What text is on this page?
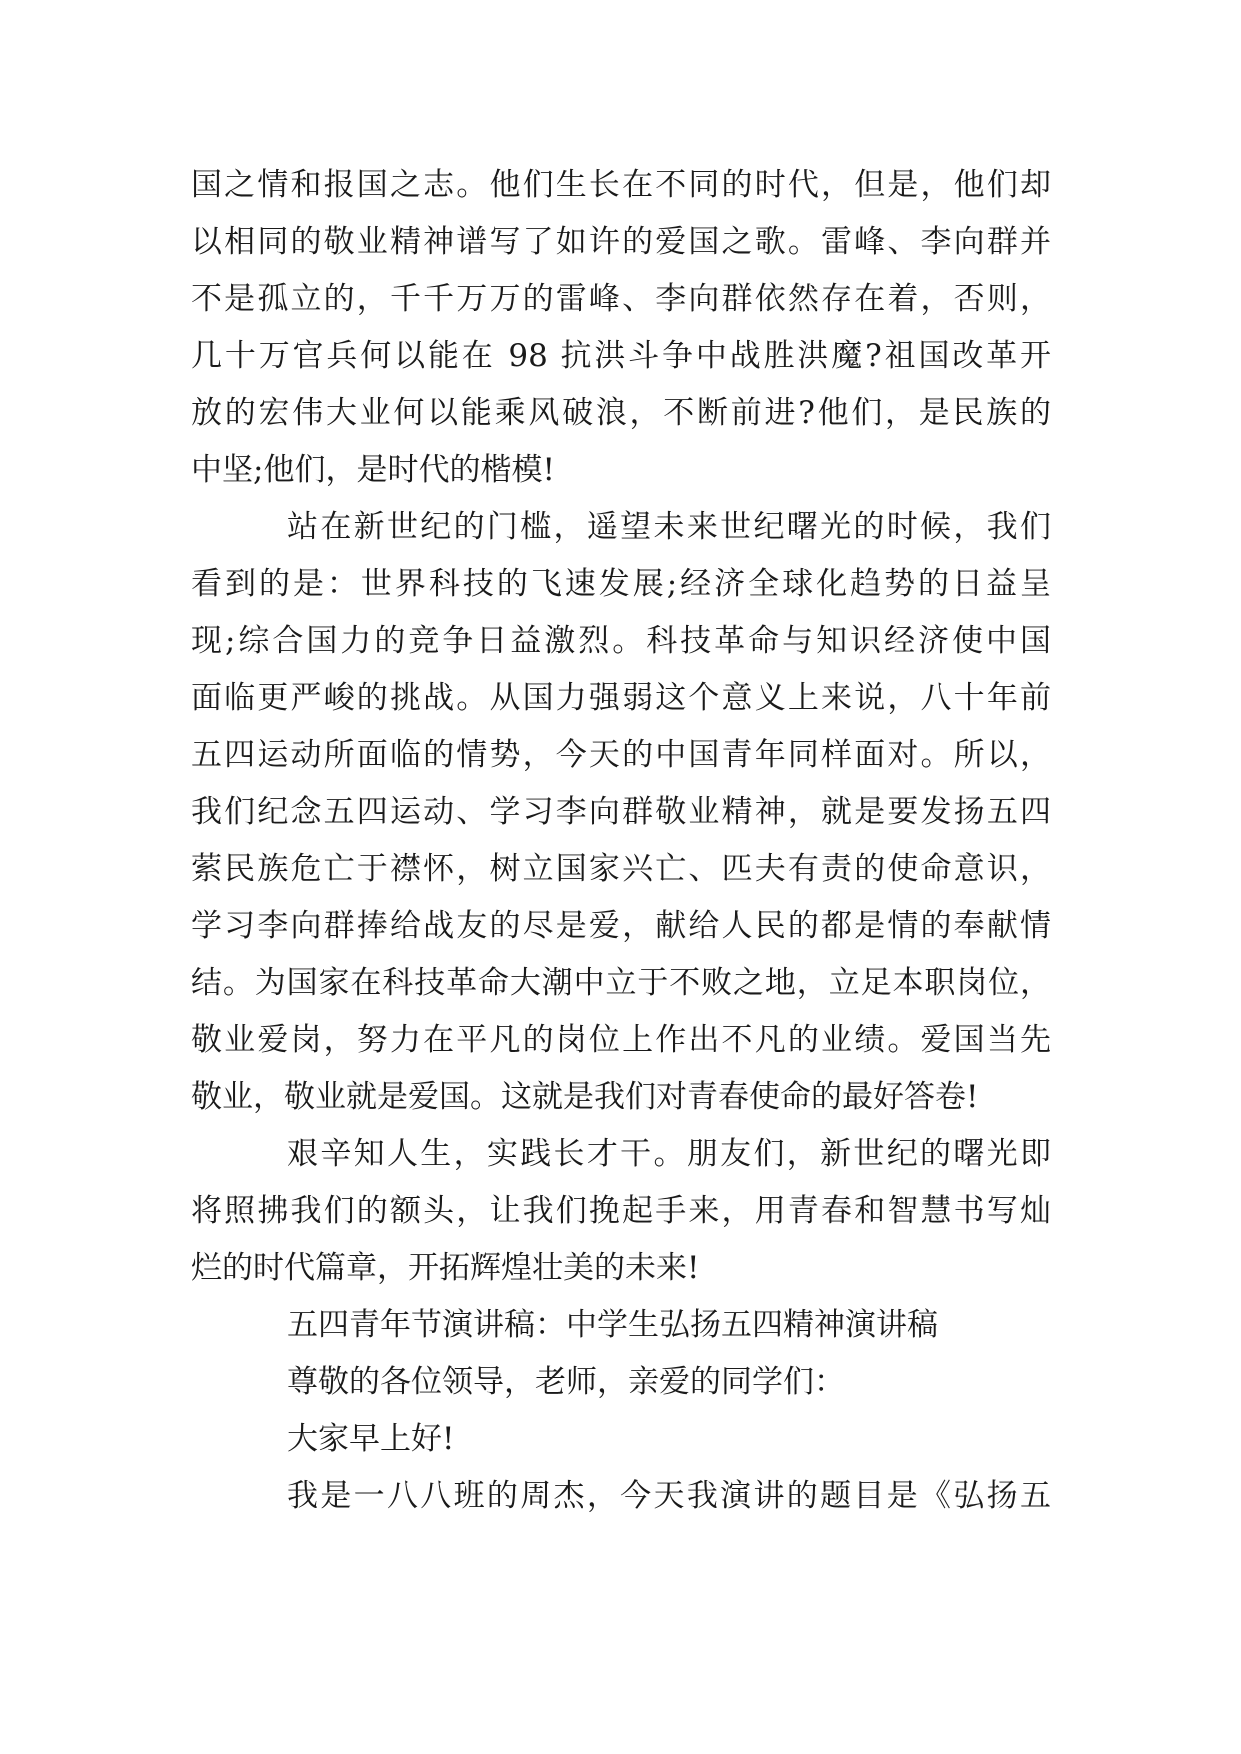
国之情和报国之志。他们生长在不同的时代，但是，他们却
以相同的敬业精神谱写了如许的爱国之歌。雷峰、李向群并
不是孤立的，千千万万的雷峰、李向群依然存在着，否则，
几十万官兵何以能在 98 抗洪斗争中战胜洪魔?祖国改革开
放的宏伟大业何以能乘风破浪，不断前进?他们，是民族的
中坚;他们，是时代的楷模!
站在新世纪的门槛，遥望未来世纪曙光的时候，我们
看到的是：世界科技的飞速发展;经济全球化趋势的日益呈
现;综合国力的竞争日益激烈。科技革命与知识经济使中国
面临更严峻的挑战。从国力强弱这个意义上来说，八十年前
五四运动所面临的情势，今天的中国青年同样面对。所以，
我们纪念五四运动、学习李向群敬业精神，就是要发扬五四
萦民族危亡于襟怀，树立国家兴亡、匹夫有责的使命意识，
学习李向群捧给战友的尽是爱，献给人民的都是情的奉献情
结。为国家在科技革命大潮中立于不败之地，立足本职岗位，
敬业爱岗，努力在平凡的岗位上作出不凡的业绩。爱国当先
敬业，敬业就是爱国。这就是我们对青春使命的最好答卷!
艰辛知人生，实践长才干。朋友们，新世纪的曙光即
将照拂我们的额头，让我们挽起手来，用青春和智慧书写灿
烂的时代篇章，开拓辉煌壮美的未来!
五四青年节演讲稿：中学生弘扬五四精神演讲稿
尊敬的各位领导，老师，亲爱的同学们：
大家早上好!
我是一八八班的周杰，今天我演讲的题目是《弘扬五
